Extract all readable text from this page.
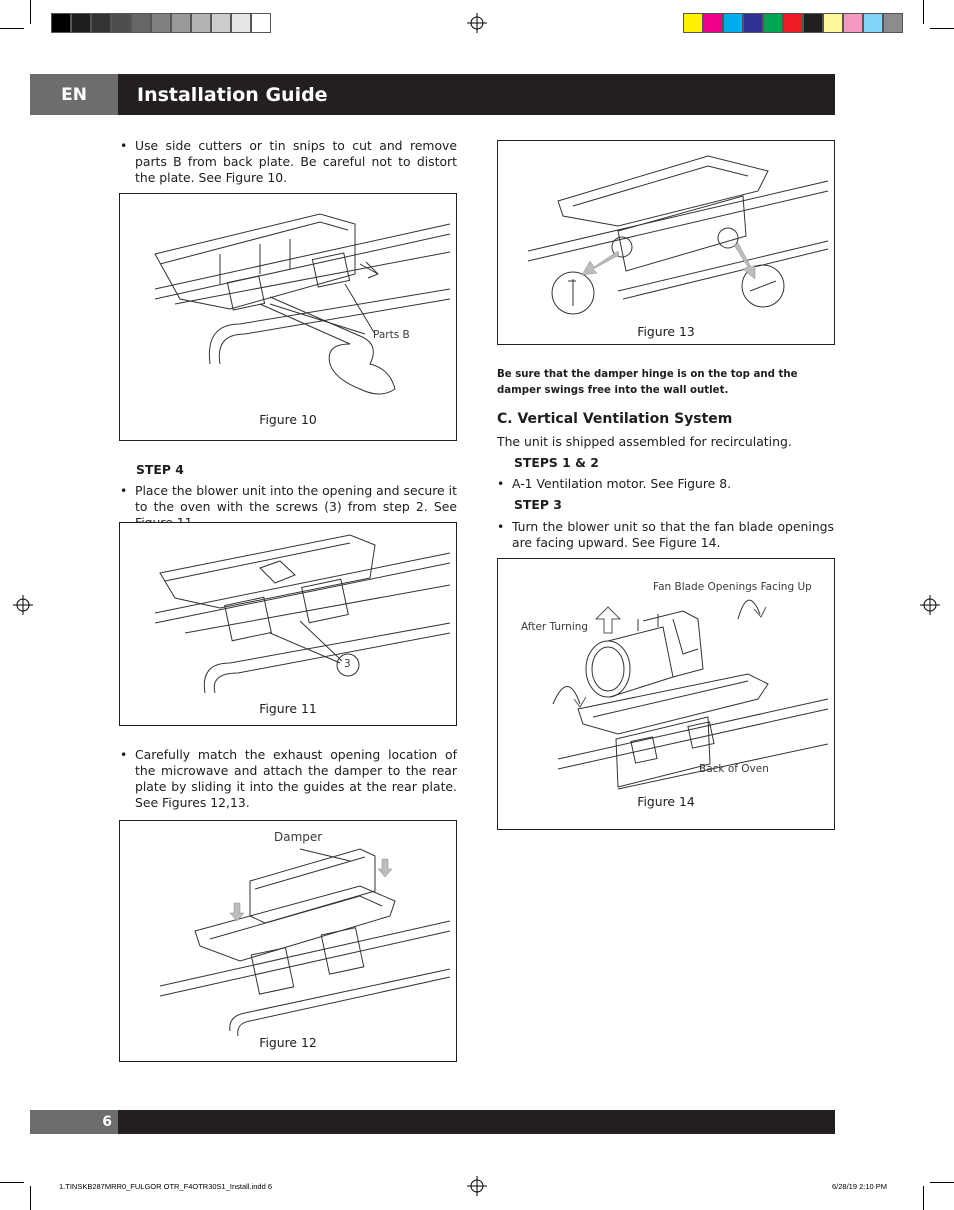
EN	Installation Guide
• Use side cutters or tin snips to cut and remove parts B from back plate. Be careful not to distort the plate. See Figure 10.
Parts B
Figure 10
STEP 4
• Place the blower unit into the opening and secure it to the oven with the screws (3) from step 2. See
3
Figure 11
• Carefully match the exhaust opening location of the microwave and attach the damper to the rear plate by sliding it into the guides at the rear plate. See Figures 12,13.
Damper
Figure 12
Figure 13
Be sure that the damper hinge is on the top and the damper swings free into the wall outlet.
C. Vertical Ventilation System
The unit is shipped assembled for recirculating.
STEPS 1 & 2
• A-1 Ventilation motor. See Figure 8.
STEP 3
• Turn the blower unit so that the fan blade openings are facing upward. See Figure 14.
Fan Blade Openings Facing Up
After Turning
Back of Oven
Figure 14
6
1.TINSKB287MRR0_FULGOR OTR_F4OTR30S1_Install.indd 6	6/28/19 2:10 PM
